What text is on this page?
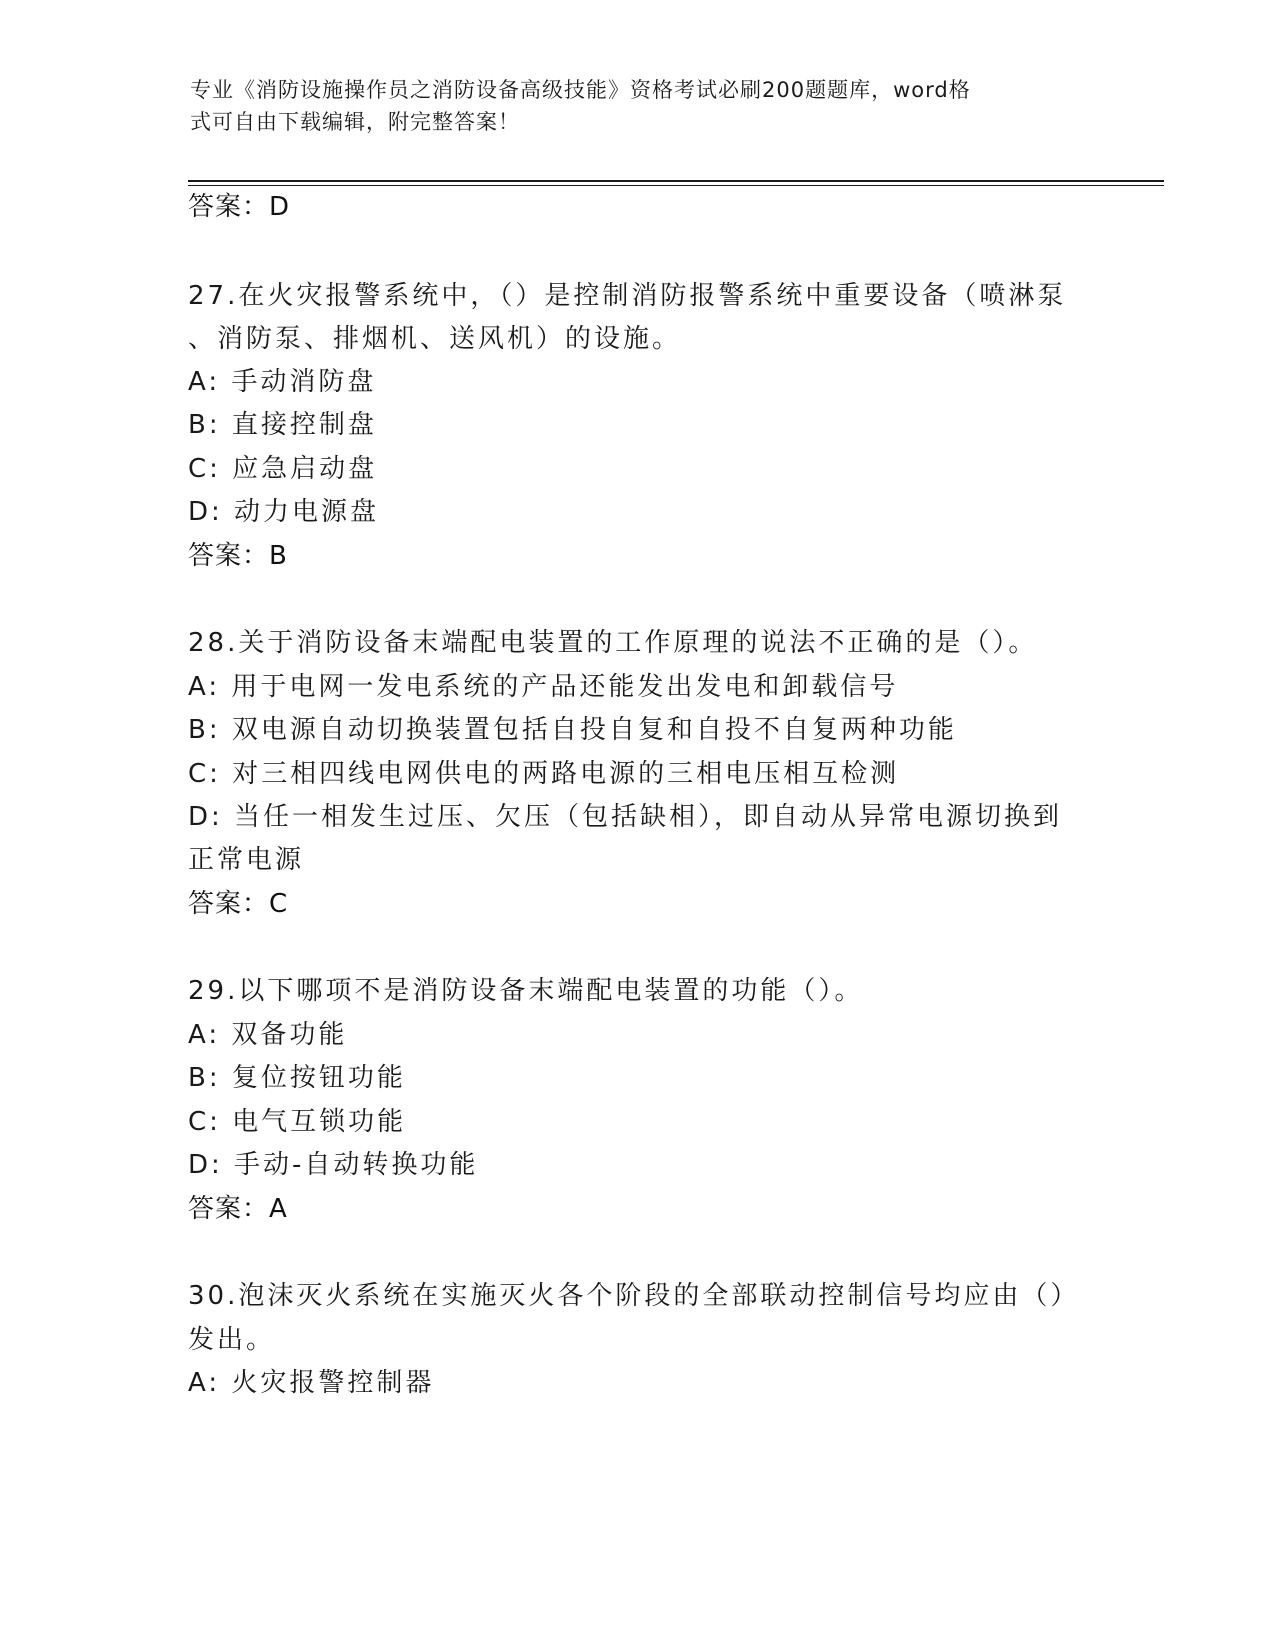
专业《消防设施操作员之消防设备高级技能》资格考试必刷200题题库，word格
式可自由下载编辑，附完整答案！
答案：D
27.在火灾报警系统中，（）是控制消防报警系统中重要设备（喷淋泵
、消防泵、排烟机、送风机）的设施。
A: 手动消防盘
B: 直接控制盘
C: 应急启动盘
D: 动力电源盘
答案：B
28.关于消防设备末端配电装置的工作原理的说法不正确的是（）。
A: 用于电网一发电系统的产品还能发出发电和卸载信号
B: 双电源自动切换装置包括自投自复和自投不自复两种功能
C: 对三相四线电网供电的两路电源的三相电压相互检测
D: 当任一相发生过压、欠压（包括缺相），即自动从异常电源切换到
正常电源
答案：C
29.以下哪项不是消防设备末端配电装置的功能（）。
A: 双备功能
B: 复位按钮功能
C: 电气互锁功能
D: 手动-自动转换功能
答案：A
30.泡沫灭火系统在实施灭火各个阶段的全部联动控制信号均应由（）
发出。
A: 火灾报警控制器
